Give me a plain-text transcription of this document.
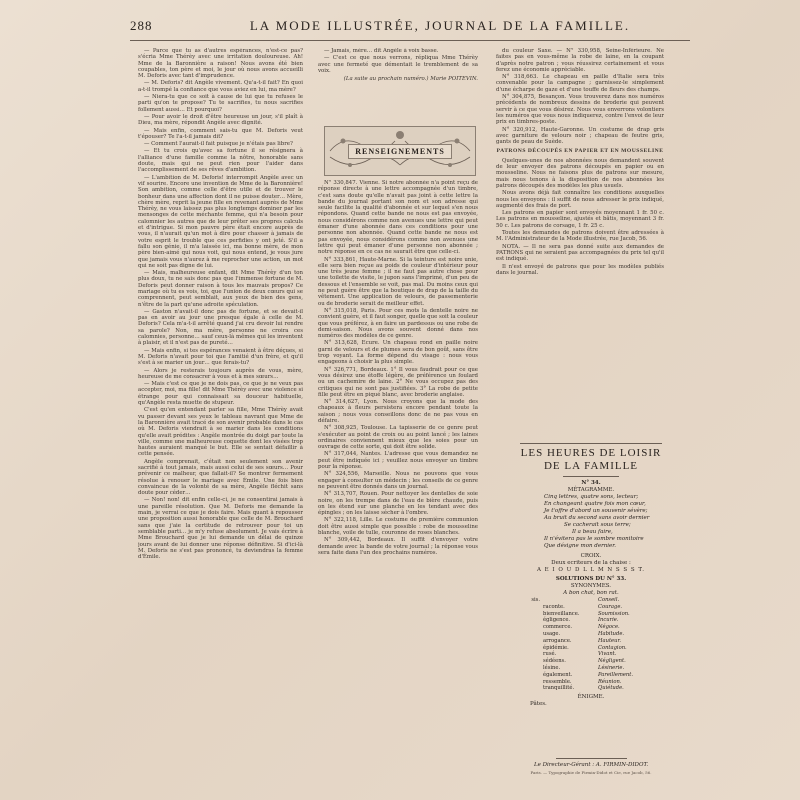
288	LA MODE ILLUSTRÉE, JOURNAL DE LA FAMILLE.

— Parce que tu as d'autres espérances, n'est-ce pas? s'écria Mme Thérèy avec une irritation douloureuse. Ah! Mme de la Baronnière a raison! Nous avons été bien coupables, ton père et moi, le jour où nous avons accueilli M. Deforis avec tant d'imprudence.

— M. Deforis? dit Angèle vivement. Qu'a-t-il fait? En quoi a-t-il trompé la confiance que vous aviez en lui, ma mère?

— Niera-tu que ce soit à cause de lui que tu refuses le parti qu'on te propose? Tu te sacrifies, tu nous sacrifies follement aussi… Et pourquoi?

— Pour avoir le droit d'être heureuse un jour, s'il plaît à Dieu, ma mère, répondit Angèle avec dignité.

— Mais enfin, comment sais-tu que M. Deforis veut t'épouser? Te l'a-t-il jamais dit?

— Comment l'aurait-il fait puisque je n'étais pas libre?

— Et tu crois qu'avec sa fortune il se résignera à l'alliance d'une famille comme la nôtre, honorable sans doute, mais qui ne peut rien pour l'aider dans l'accomplissement de ses rêves d'ambition.

— L'ambition de M. Deforis! interrompit Angèle avec un vif sourire. Encore une invention de Mme de la Baronnière! Son ambition, comme celle d'être utile et de trouver le bonheur dans une affection dont il ne puisse douter… Mère, chère mère, reprit la jeune fille en revenant auprès de Mme Thérèy, ne vous laissez pas plus longtemps dominer par les mensonges de cette méchante femme, qui n'a besoin pour calomnier les autres que de leur prêter ses propres calculs et d'intrigue. Si mon pauvre père était encore auprès de vous, il n'aurait qu'un mot à dire pour chasser à jamais de votre esprit le trouble que ces perfidies y ont jeté. S'il a fallu son génie, il m'a laissée ici, ma bonne mère, de mon père bien-aimé qui nous voit, qui nous entend, je vous jure que jamais vous n'aurez à me reprocher une action, un mot qui ne soit pas digne de lui.

— Mais, malheureuse enfant, dit Mme Thérèy d'un ton plus doux, tu ne sais donc pas que l'immense fortune de M. Deforis peut donner raison à tous les mauvais propos? Ce mariage où tu es vois, toi, que l'union de deux cœurs qui se comprennent, peut semblait, aux yeux de bien des gens, n'être de la part qu'une adroite spéculation.

— Gaston n'avait-il donc pas de fortune, et se devait-il pas en avoir au jour une presque égale à celle de M. Deforis? Cela m'a-t-il arrêté quand j'ai cru devoir lui rendre sa parole? Non, ma mère, personne ne croira ces calomnies, personne… sauf ceux-là mêmes qui les inventent à plaisir, et il n'est pas de pureté…

— Mais enfin, si tes espérances venaient à être déçues, si M. Deforis n'avait pour toi que l'amitié d'un frère, et qu'il s'est à se marier un jour… que ferais-tu?

— Alors je resterais toujours auprès de vous, mère, heureuse de me consacrer à vous et à mes sœurs…

— Mais c'est ce que je ne dois pas, ce que je ne veux pas accepter, moi, ma fille! dit Mme Thérèy avec une violence si étrange pour qui connaissait sa douceur habituelle, qu'Angèle resta muette de stupeur.

C'est qu'en entendant parler sa fille, Mme Thérèy avait vu passer devant ses yeux le tableau navrant que Mme de la Baronnière avait tracé de son avenir probable dans le cas où M. Deforis viendrait à se marier dans les conditions qu'elle avait prédites : Angèle montrée du doigt par toute la ville, comme une malheureuse coquette dont les visées trop hautes auraient manqué le but. Elle se sentait défaillir à cette pensée.

Angèle comprenait, c'était non seulement son avenir sacrifié à tout jamais, mais aussi celui de ses sœurs… Pour prévenir ce malheur, que fallait-il? Se montrer fermement résolue à renouer le mariage avec Émile. Une fois bien convaincue de la volonté de sa mère, Angèle fléchit sans doute pour céder…

— Non! non! dit enfin celle-ci, je ne consentirai jamais à une pareille résolution. Que M. Deforis me demande la main, je verrai ce que je dois faire. Mais quant à repousser une proposition aussi honorable que celle de M. Brouchard sans que j'aie la certitude de retrouver pour toi un semblable parti… je m'y refuse absolument. Je vais écrire à Mme Brouchard que je lui demande un délai de quinze jours avant de lui donner une réponse définitive. Si d'ici-là M. Deforis ne s'est pas prononcé, tu deviendras la femme d'Émile.

— Jamais, mère… dit Angèle à voix basse.

— C'est ce que nous verrons, répliqua Mme Thérèy avec une fermeté que démentait le tremblement de sa voix.

(La suite au prochain numéro.) Marie POITEVIN.
RENSEIGNEMENTS

N° 330,847. Vienne. Si notre abonnée n'a point reçu de réponse directe à une lettre accompagnée d'un timbre, c'est sans doute qu'elle n'avait pas joint à cette lettre la bande du journal portant son nom et son adresse qui seule facilite la qualité d'abonnée et sur lequel s'en nous répondons. Quand cette bande ne nous est pas envoyée, nous considérons comme non avenues une lettre qui peut émaner d'une abonnée dans ces conditions pour une personne non abonnée. Quand cette bande ne nous est pas envoyée, nous considérons comme non avenues une lettre qui peut émaner d'une personne non abonnée ; notre réponse en ce cas ne saurait être que celle-ci.

N° 333,861, Haute-Marne. Si la teinture est noire unie, elle sera bien reçue au poids de couleur d'intérieur pour une très jeune femme ; il ne faut pas autre chose pour une toilette de visite, le jupon sans l'imprimé, d'un peu de dessous et l'ensemble se voit, pas mal. Du moins ceux qui ne peut guère être que la boutique de drap de la taille du vêtement. Une application de velours, de passementerie ou de broderie serait de meilleur effet.

N° 315,018, Paris. Pour ces mots la dentelle noire ne convient guère, et il faut songer, quelle que soit la couleur que vous préférez, à en faire un pardessus ou une robe de demi-saison. Nous avons souvent donné dans nos numéros des modèles de ce genre.

N° 313,628, Ecure. Un chapeau rond en paille noire garni de velours et de plumes sera de bon goût, sans être trop voyant. La forme dépend du visage : nous vous engageons à choisir la plus simple.

N° 326,771, Bordeaux. 1° Il vous faudrait pour ce que vous désirez une étoffe légère, de préférence un foulard ou un cachemire de laine. 2° Ne vous occupez pas des critiques qui ne sont pas justifiées. 3° La robe de petite fille peut être en piqué blanc, avec broderie anglaise.

N° 314,627, Lyon. Nous croyons que la mode des chapeaux à fleurs persistera encore pendant toute la saison ; nous vous conseillons donc de ne pas vous en défaire.

N° 308,925, Toulouse. La tapisserie de ce genre peut s'exécuter au point de croix ou au point lancé ; les laines ordinaires conviennent mieux que les soies pour un ouvrage de cette sorte, qui doit être solide.

N° 317,044, Nantes. L'adresse que vous demandez ne peut être indiquée ici ; veuillez nous envoyer un timbre pour la réponse.

N° 324,556, Marseille. Nous ne pouvons que vous engager à consulter un médecin ; les conseils de ce genre ne peuvent être donnés dans un journal.

N° 313,707, Rouen. Pour nettoyer les dentelles de soie noire, on les trempe dans de l'eau de bière chaude, puis on les étend sur une planche en les tendant avec des épingles ; on les laisse sécher à l'ombre.

N° 322,118, Lille. Le costume de première communion doit être aussi simple que possible : robe de mousseline blanche, voile de tulle, couronne de roses blanches.

N° 309,442, Bordeaux. Il suffit d'envoyer votre demande avec la bande de votre journal ; la réponse vous sera faite dans l'un des prochains numéros.

du couleur Saxe. — N° 330,958, Seine-Inférieure. Ne faites pas en vous-même la robe de laine, en la coupant d'après notre patron ; vous réussirez certainement et vous ferez une économie appréciable.

N° 318,663. Le chapeau en paille d'Italie sera très convenable pour la campagne ; garnissez-le simplement d'une écharpe de gaze et d'une touffe de fleurs des champs.

N° 304,875, Besançon. Vous trouverez dans nos numéros précédents de nombreux dessins de broderie qui peuvent servir à ce que vous désirez. Nous vous enverrons volontiers les numéros que vous nous indiquerez, contre l'envoi de leur prix en timbres-poste.

N° 320,912, Haute-Garonne. Un costume de drap gris avec garniture de velours noir ; chapeau de feutre gris, gants de peau de Suède.

PATRONS DÉCOUPÉS EN PAPIER ET EN MOUSSELINE

Quelques-unes de nos abonnées nous demandent souvent de leur envoyer des patrons découpés en papier ou en mousseline. Nous ne faisons plus de patrons sur mesure, mais nous tenons à la disposition de nos abonnées les patrons découpés des modèles les plus usuels.

Nous avons déjà fait connaître les conditions auxquelles nous les envoyons : il suffit de nous adresser le prix indiqué, augmenté des frais de port.

Les patrons en papier sont envoyés moyennant 1 fr. 50 c. Les patrons en mousseline, ajustés et bâtis, moyennant 3 fr. 50 c. Les patrons de corsage, 1 fr. 25 c.

Toutes les demandes de patrons doivent être adressées à M. l'Administrateur de la Mode illustrée, rue Jacob, 56.

NOTA. — Il ne sera pas donné suite aux demandes de PATRONS qui ne seraient pas accompagnées du prix tel qu'il est indiqué.

Il n'est envoyé de patrons que pour les modèles publiés dans le journal.

LES HEURES DE LOISIR
DE LA FAMILLE
N° 34.
MÉTAGRAMME.
Cinq lettres, quatre sons, lecteur;
En changeant quatre fois mon cœur,
Je t'offre d'abord un souvenir sévère;
Au bruit du second sans avoir dernier
Se cacherait sous terre;
Il a beau faire,
Il n'évitera pas le sombre monitoire
Que désigne mon dernier.
CROIX.
Deux ecriteurs de la chaise :
A E I O U D L L M N S S S T.
SOLUTIONS DU N° 33.
SYNONYMES.
A bon chat, bon rat.
sis.	Conseil.
raconte.	Courage.
bienveillance.	Soumission.
égligence.	Incurie.
commerce.	Négoce.
usage.	Habitude.
arrogance.	Hauteur.
épidémie.	Contagion.
rusé.	Vivant.
sédéens.	Négligent.
lésine.	Lésinerie.
également.	Pareillement.
ressemble.	Réunion.
tranquillité.	Quiétude.
ÉNIGME.
Pâtes.
Le Directeur-Gérant : A. FIRMIN-DIDOT.
Paris. — Typographie de Firmin-Didot et Cie, rue Jacob, 56.
